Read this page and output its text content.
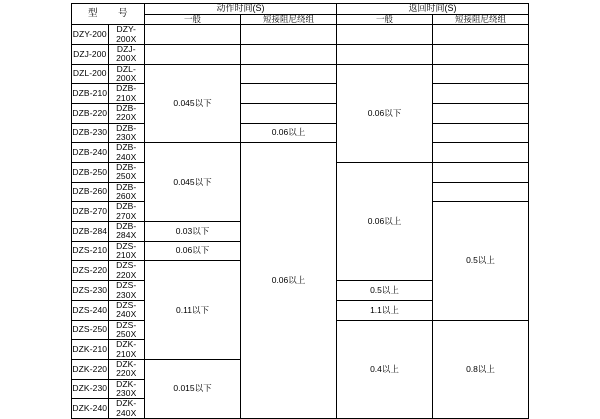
型　　号		动作时间(S)		返回时间(S)	
		一般	短接阻尼绕组	一般	短接阻尼绕组
DZY-200	DZY-200X				
DZJ-200	DZJ-200X				
DZL-200	DZL-200X	0.045以下		0.06以下	
DZB-210	DZB-210X				
DZB-220	DZB-220X				
DZB-230	DZB-230X		0.06以上		
DZB-240	DZB-240X	0.045以下	0.06以上		
DZB-250	DZB-250X			0.06以上	
DZB-260	DZB-260X				
DZB-270	DZB-270X				0.5以上
DZB-284	DZB-284X	0.03以下			
DZS-210	DZS-210X	0.06以下			
DZS-220	DZS-220X	0.11以下			
DZS-230	DZS-230X			0.5以上	
DZS-240	DZS-240X			1.1以上	
DZS-250	DZS-250X			0.4以上	0.8以上
DZK-210	DZK-210X				
DZK-220	DZK-220X	0.015以下			
DZK-230	DZK-230X				
DZK-240	DZK-240X				
